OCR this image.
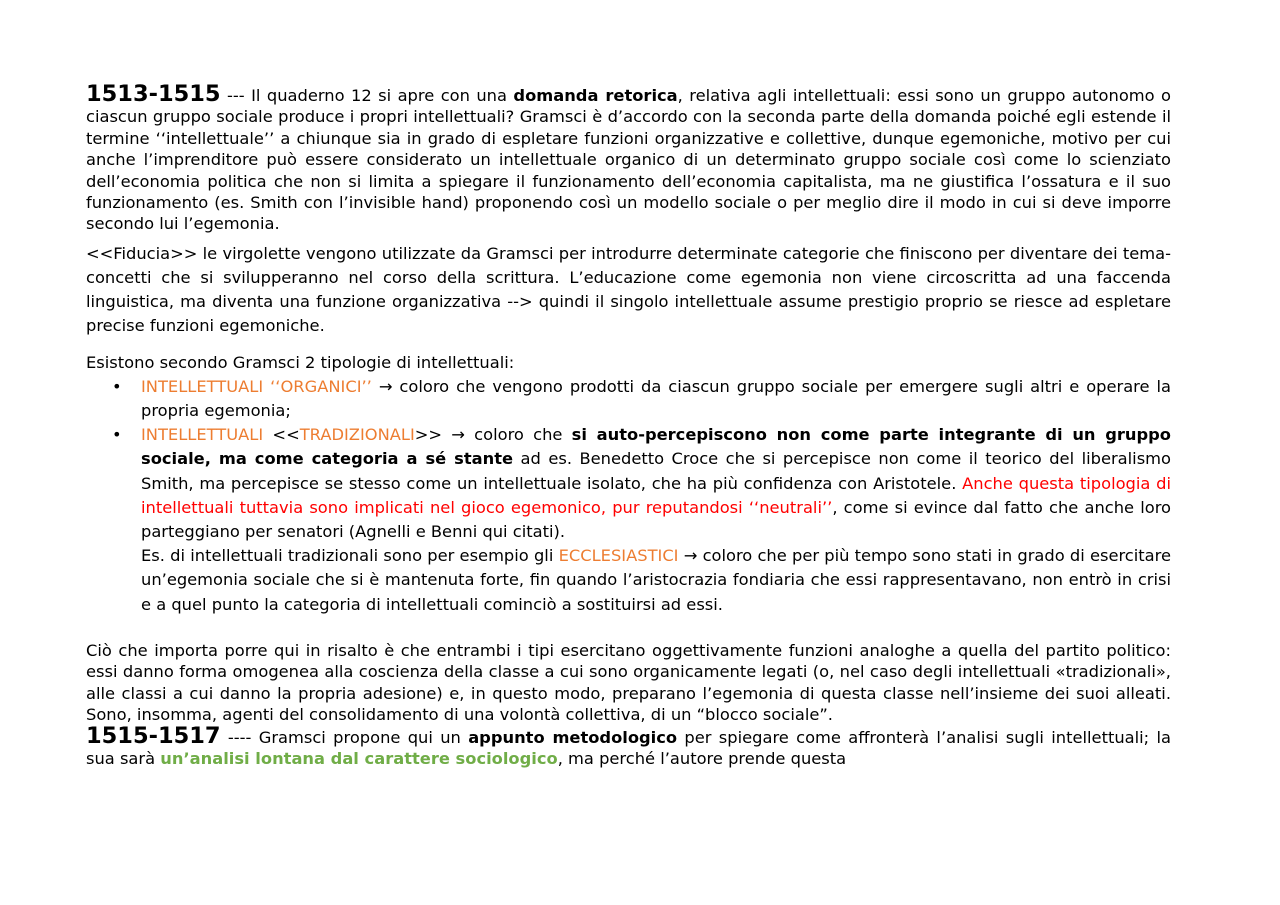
1513-1515 --- Il quaderno 12 si apre con una domanda retorica, relativa agli intellettuali: essi sono un gruppo autonomo o ciascun gruppo sociale produce i propri intellettuali? Gramsci è d’accordo con la seconda parte della domanda poiché egli estende il termine ‘‘intellettuale’’ a chiunque sia in grado di espletare funzioni organizzative e collettive, dunque egemoniche, motivo per cui anche l’imprenditore può essere considerato un intellettuale organico di un determinato gruppo sociale così come lo scienziato dell’economia politica che non si limita a spiegare il funzionamento dell’economia capitalista, ma ne giustifica l’ossatura e il suo funzionamento (es. Smith con l’invisible hand) proponendo così un modello sociale o per meglio dire il modo in cui si deve imporre secondo lui l’egemonia.

<<Fiducia>> le virgolette vengono utilizzate da Gramsci per introdurre determinate categorie che finiscono per diventare dei tema-concetti che si svilupperanno nel corso della scrittura. L’educazione come egemonia non viene circoscritta ad una faccenda linguistica, ma diventa una funzione organizzativa --> quindi il singolo intellettuale assume prestigio proprio se riesce ad espletare precise funzioni egemoniche.

Esistono secondo Gramsci 2 tipologie di intellettuali:

• INTELLETTUALI ‘‘ORGANICI’’ → coloro che vengono prodotti da ciascun gruppo sociale per emergere sugli altri e operare la propria egemonia;

• INTELLETTUALI <<TRADIZIONALI>> → coloro che si auto-percepiscono non come parte integrante di un gruppo sociale, ma come categoria a sé stante ad es. Benedetto Croce che si percepisce non come il teorico del liberalismo Smith, ma percepisce se stesso come un intellettuale isolato, che ha più confidenza con Aristotele. Anche questa tipologia di intellettuali tuttavia sono implicati nel gioco egemonico, pur reputandosi ‘‘neutrali’’, come si evince dal fatto che anche loro parteggiano per senatori (Agnelli e Benni qui citati).

Es. di intellettuali tradizionali sono per esempio gli ECCLESIASTICI → coloro che per più tempo sono stati in grado di esercitare un’egemonia sociale che si è mantenuta forte, fin quando l’aristocrazia fondiaria che essi rappresentavano, non entrò in crisi e a quel punto la categoria di intellettuali cominciò a sostituirsi ad essi.

Ciò che importa porre qui in risalto è che entrambi i tipi esercitano oggettivamente funzioni analoghe a quella del partito politico: essi danno forma omogenea alla coscienza della classe a cui sono organicamente legati (o, nel caso degli intellettuali «tradizionali», alle classi a cui danno la propria adesione) e, in questo modo, preparano l’egemonia di questa classe nell’insieme dei suoi alleati. Sono, insomma, agenti del consolidamento di una volontà collettiva, di un “blocco sociale”.

1515-1517 ---- Gramsci propone qui un appunto metodologico per spiegare come affronterà l’analisi sugli intellettuali; la sua sarà un’analisi lontana dal carattere sociologico, ma perché l’autore prende questa
